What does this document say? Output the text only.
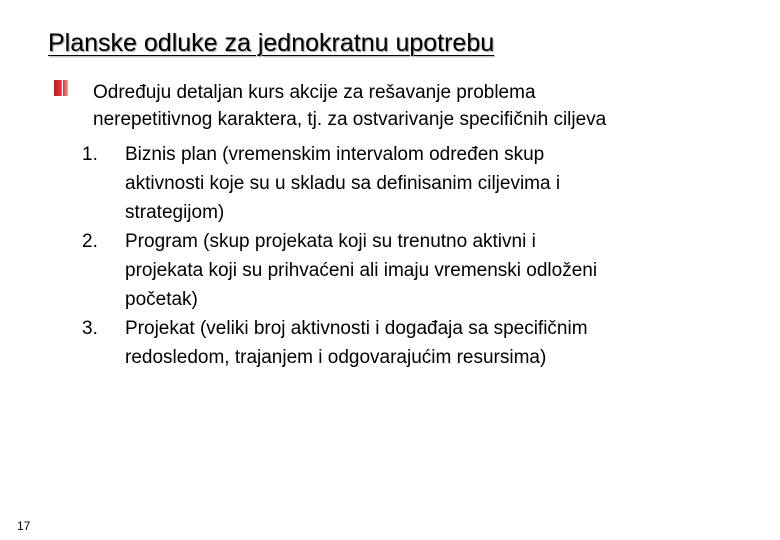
Planske odluke za jednokratnu upotrebu
Određuju detaljan kurs akcije za rešavanje problema
nerepetitivnog karaktera, tj. za ostvarivanje specifičnih ciljeva
1.	Biznis plan (vremenskim intervalom određen skup
aktivnosti koje su u skladu sa definisanim ciljevima i
strategijom)
2.	Program (skup projekata koji su trenutno aktivni i
projekata koji su prihvaćeni ali imaju vremenski odloženi
početak)
3.	Projekat (veliki broj aktivnosti i događaja sa specifičnim
redosledom, trajanjem i odgovarajućim resursima)
17
